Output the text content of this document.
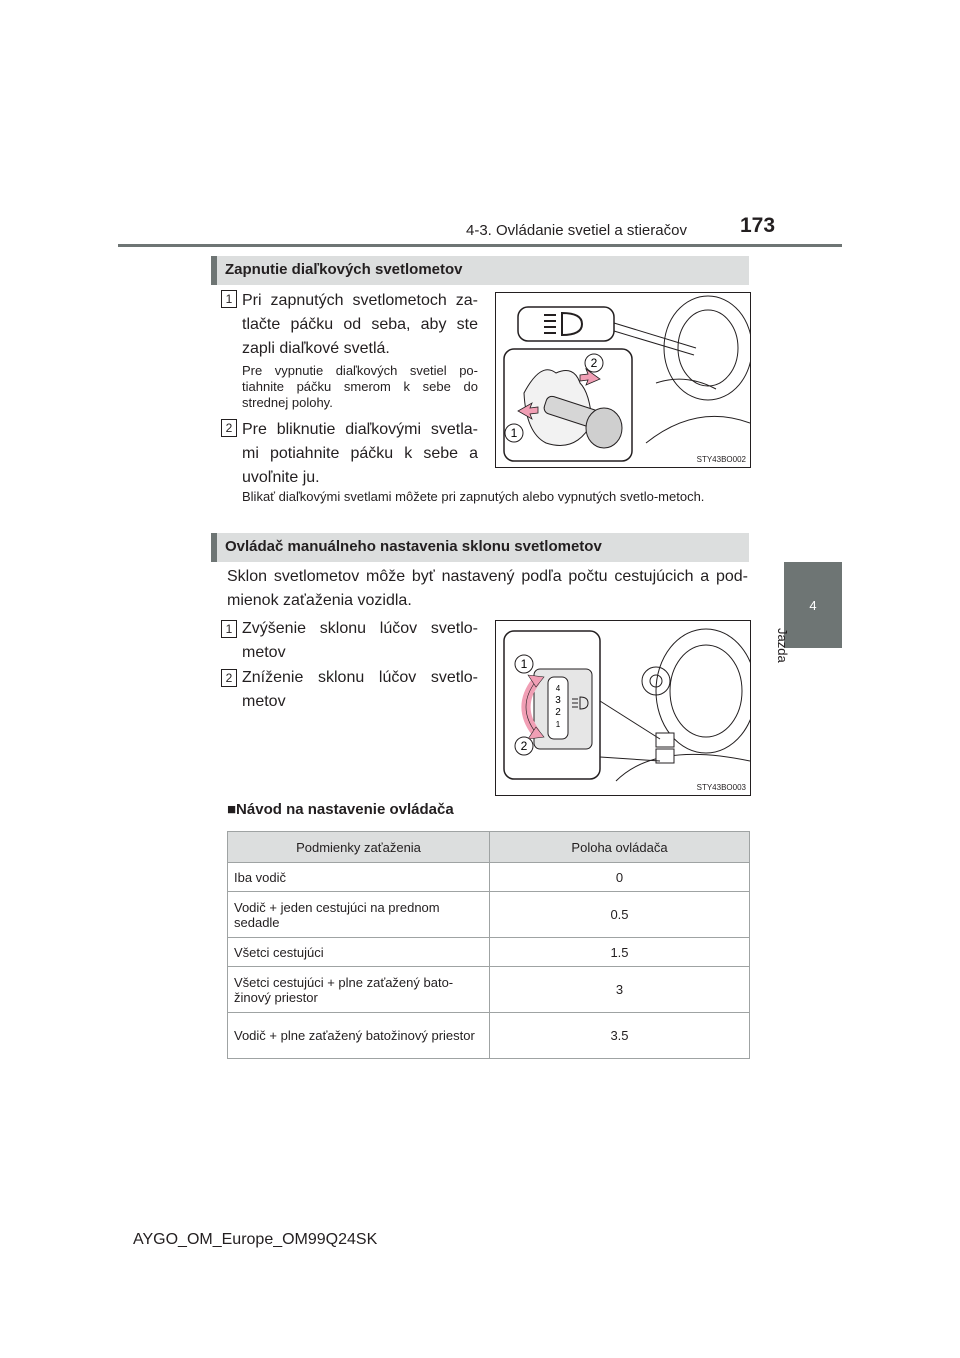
4-3. Ovládanie svetiel a stieračov	173
4
Jazda
Zapnutie diaľkových svetlometov
1 Pri zapnutých svetlometoch za-tlačte páčku od seba, aby ste zapli diaľkové svetlá.
Pre vypnutie diaľkových svetiel po-tiahnite páčku smerom k sebe do strednej polohy.
2 Pre bliknutie diaľkovými svetla-mi potiahnite páčku k sebe a uvoľnite ju.
Blikať diaľkovými svetlami môžete pri zapnutých alebo vypnutých svetlo-metoch.
2
1
STY43BO002
Ovládač manuálneho nastavenia sklonu svetlometov
Sklon svetlometov môže byť nastavený podľa počtu cestujúcich a pod-mienok zaťaženia vozidla.
1 Zvýšenie sklonu lúčov svetlo-metov
2 Zníženie sklonu lúčov svetlo-metov
4
3
2
1
1
2
STY43BO003
■Návod na nastavenie ovládača
Podmienky zaťaženia	Poloha ovládača
Iba vodič	0
Vodič + jeden cestujúci na prednom sedadle	0.5
Všetci cestujúci	1.5
Všetci cestujúci + plne zaťažený bato-žinový priestor	3
Vodič + plne zaťažený batožinový priestor	3.5
AYGO_OM_Europe_OM99Q24SK
